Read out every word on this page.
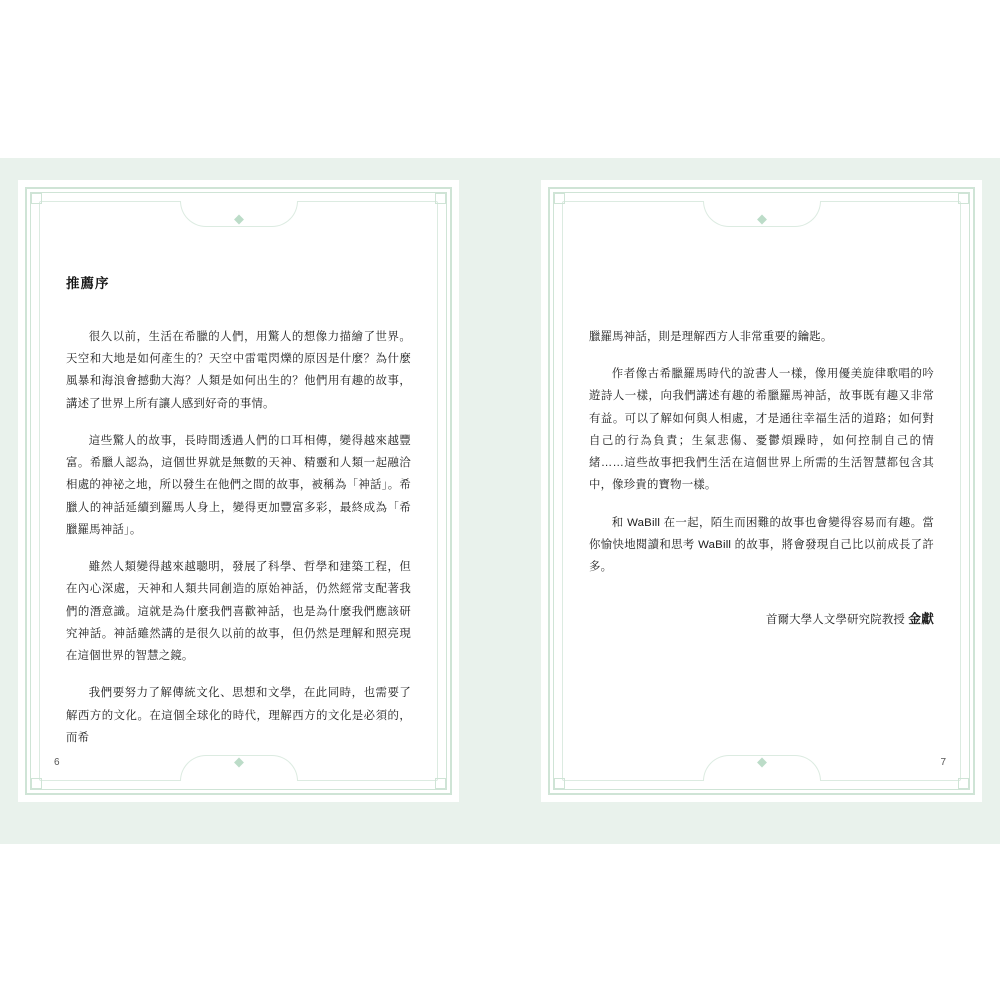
推薦序

很久以前，生活在希臘的人們，用驚人的想像力描繪了世界。天空和大地是如何產生的？天空中雷電閃爍的原因是什麼？為什麼風暴和海浪會撼動大海？人類是如何出生的？他們用有趣的故事，講述了世界上所有讓人感到好奇的事情。

這些驚人的故事，長時間透過人們的口耳相傳，變得越來越豐富。希臘人認為，這個世界就是無數的天神、精靈和人類一起融洽相處的神祕之地，所以發生在他們之間的故事，被稱為「神話」。希臘人的神話延續到羅馬人身上，變得更加豐富多彩，最終成為「希臘羅馬神話」。

雖然人類變得越來越聰明，發展了科學、哲學和建築工程，但在內心深處，天神和人類共同創造的原始神話，仍然經常支配著我們的潛意識。這就是為什麼我們喜歡神話，也是為什麼我們應該研究神話。神話雖然講的是很久以前的故事，但仍然是理解和照亮現在這個世界的智慧之鏡。

我們要努力了解傳統文化、思想和文學，在此同時，也需要了解西方的文化。在這個全球化的時代，理解西方的文化是必須的，而希

6

臘羅馬神話，則是理解西方人非常重要的鑰匙。

作者像古希臘羅馬時代的說書人一樣，像用優美旋律歌唱的吟遊詩人一樣，向我們講述有趣的希臘羅馬神話，故事既有趣又非常有益。可以了解如何與人相處，才是通往幸福生活的道路；如何對自己的行為負責；生氣悲傷、憂鬱煩躁時，如何控制自己的情緒……這些故事把我們生活在這個世界上所需的生活智慧都包含其中，像珍貴的寶物一樣。

和 WaBill 在一起，陌生而困難的故事也會變得容易而有趣。當你愉快地閱讀和思考 WaBill 的故事，將會發現自己比以前成長了許多。

首爾大學人文學研究院教授 金獻
7
